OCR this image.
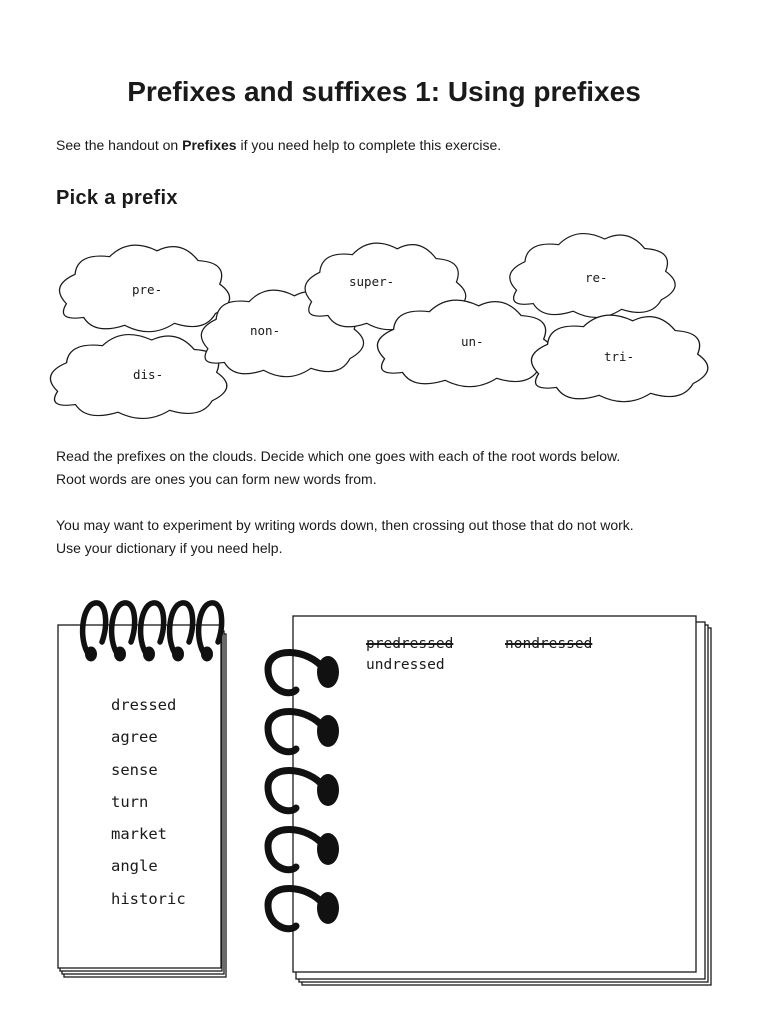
Prefixes and suffixes 1: Using prefixes

See the handout on Prefixes if you need help to complete this exercise.

Pick a prefix
pre-
non-
dis-
super-
un-
re-
tri-
Read the prefixes on the clouds. Decide which one goes with each of the root words below.
Root words are ones you can form new words from.
You may want to experiment by writing words down, then crossing out those that do not work.
Use your dictionary if you need help.
dressed
agree
sense
turn
market
angle
historic

predressed	nondressed

undressed
